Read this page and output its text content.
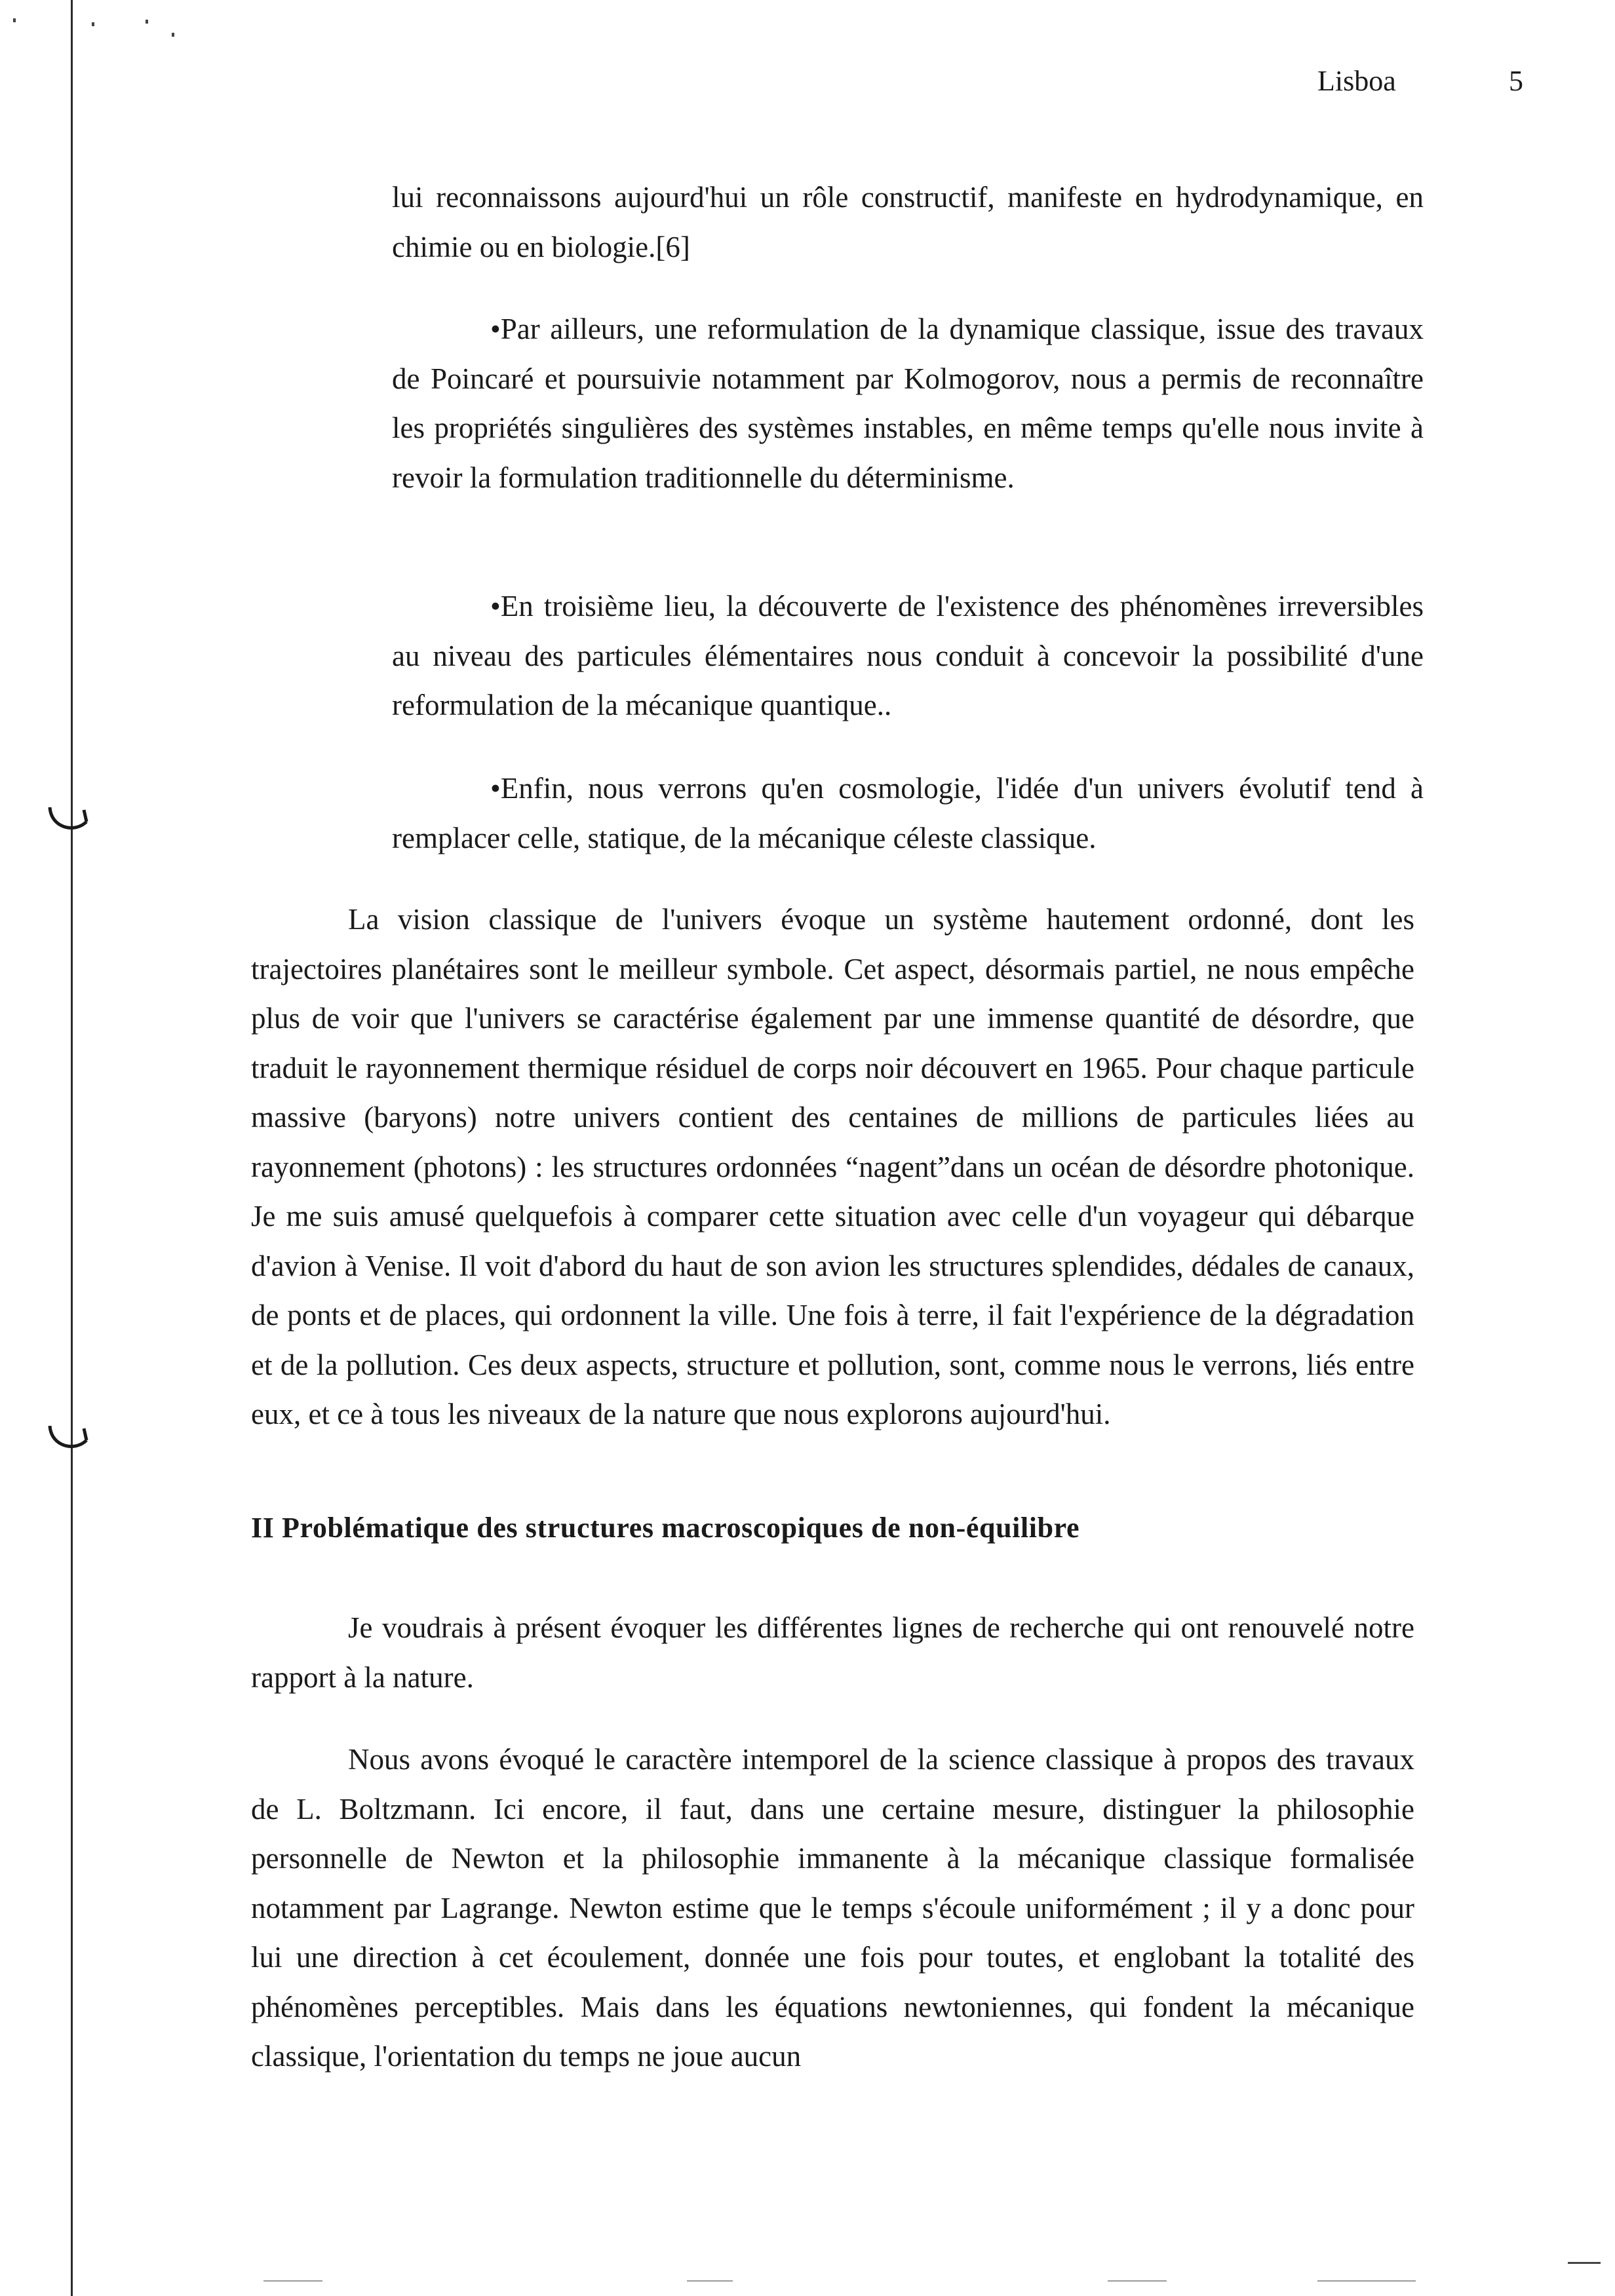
Lisboa	5

lui reconnaissons aujourd'hui un rôle constructif, manifeste en hydrodynamique, en chimie ou en biologie.[6]

•Par ailleurs, une reformulation de la dynamique classique, issue des travaux de Poincaré et poursuivie notamment par Kolmogorov, nous a permis de reconnaître les propriétés singulières des systèmes instables, en même temps qu'elle nous invite à revoir la formulation traditionnelle du déterminisme.

•En troisième lieu, la découverte de l'existence des phénomènes irreversibles au niveau des particules élémentaires nous conduit à concevoir la possibilité d'une reformulation de la mécanique quantique..

•Enfin, nous verrons qu'en cosmologie, l'idée d'un univers évolutif tend à remplacer celle, statique, de la mécanique céleste classique.

La vision classique de l'univers évoque un système hautement ordonné, dont les trajectoires planétaires sont le meilleur symbole. Cet aspect, désormais partiel, ne nous empêche plus de voir que l'univers se caractérise également par une immense quantité de désordre, que traduit le rayonnement thermique résiduel de corps noir découvert en 1965. Pour chaque particule massive (baryons) notre univers contient des centaines de millions de particules liées au rayonnement (photons) : les structures ordonnées “nagent”dans un océan de désordre photonique. Je me suis amusé quelquefois à comparer cette situation avec celle d'un voyageur qui débarque d'avion à Venise. Il voit d'abord du haut de son avion les structures splendides, dédales de canaux, de ponts et de places, qui ordonnent la ville. Une fois à terre, il fait l'expérience de la dégradation et de la pollution. Ces deux aspects, structure et pollution, sont, comme nous le verrons, liés entre eux, et ce à tous les niveaux de la nature que nous explorons aujourd'hui.

II Problématique des structures macroscopiques de non-équilibre

Je voudrais à présent évoquer les différentes lignes de recherche qui ont renouvelé notre rapport à la nature.

Nous avons évoqué le caractère intemporel de la science classique à propos des travaux de L. Boltzmann. Ici encore, il faut, dans une certaine mesure, distinguer la philosophie personnelle de Newton et la philosophie immanente à la mécanique classique formalisée notamment par Lagrange. Newton estime que le temps s'écoule uniformément ; il y a donc pour lui une direction à cet écoulement, donnée une fois pour toutes, et englobant la totalité des phénomènes perceptibles. Mais dans les équations newtoniennes, qui fondent la mécanique classique, l'orientation du temps ne joue aucun
